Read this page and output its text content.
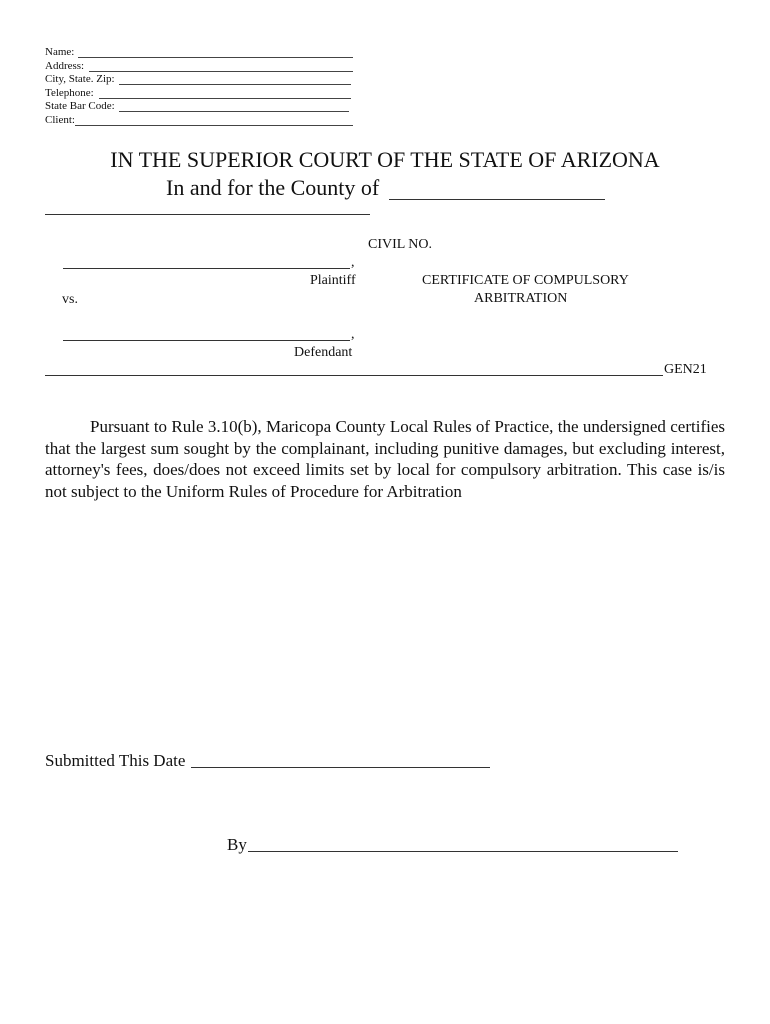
Name:
Address:
City, State. Zip:
Telephone:
State Bar Code:
Client:
IN THE SUPERIOR COURT OF THE STATE OF ARIZONA
In and for the County of
CIVIL NO.
,
Plaintiff	CERTIFICATE OF COMPULSORY
ARBITRATION
vs.
,
Defendant
GEN21
Pursuant to Rule 3.10(b), Maricopa County Local Rules of Practice, the undersigned certifies that the largest sum sought by the complainant, including punitive damages, but excluding interest, attorney's fees, does/does not exceed limits set by local for compulsory arbitration. This case is/is not subject to the Uniform Rules of Procedure for Arbitration
Submitted This Date
By
